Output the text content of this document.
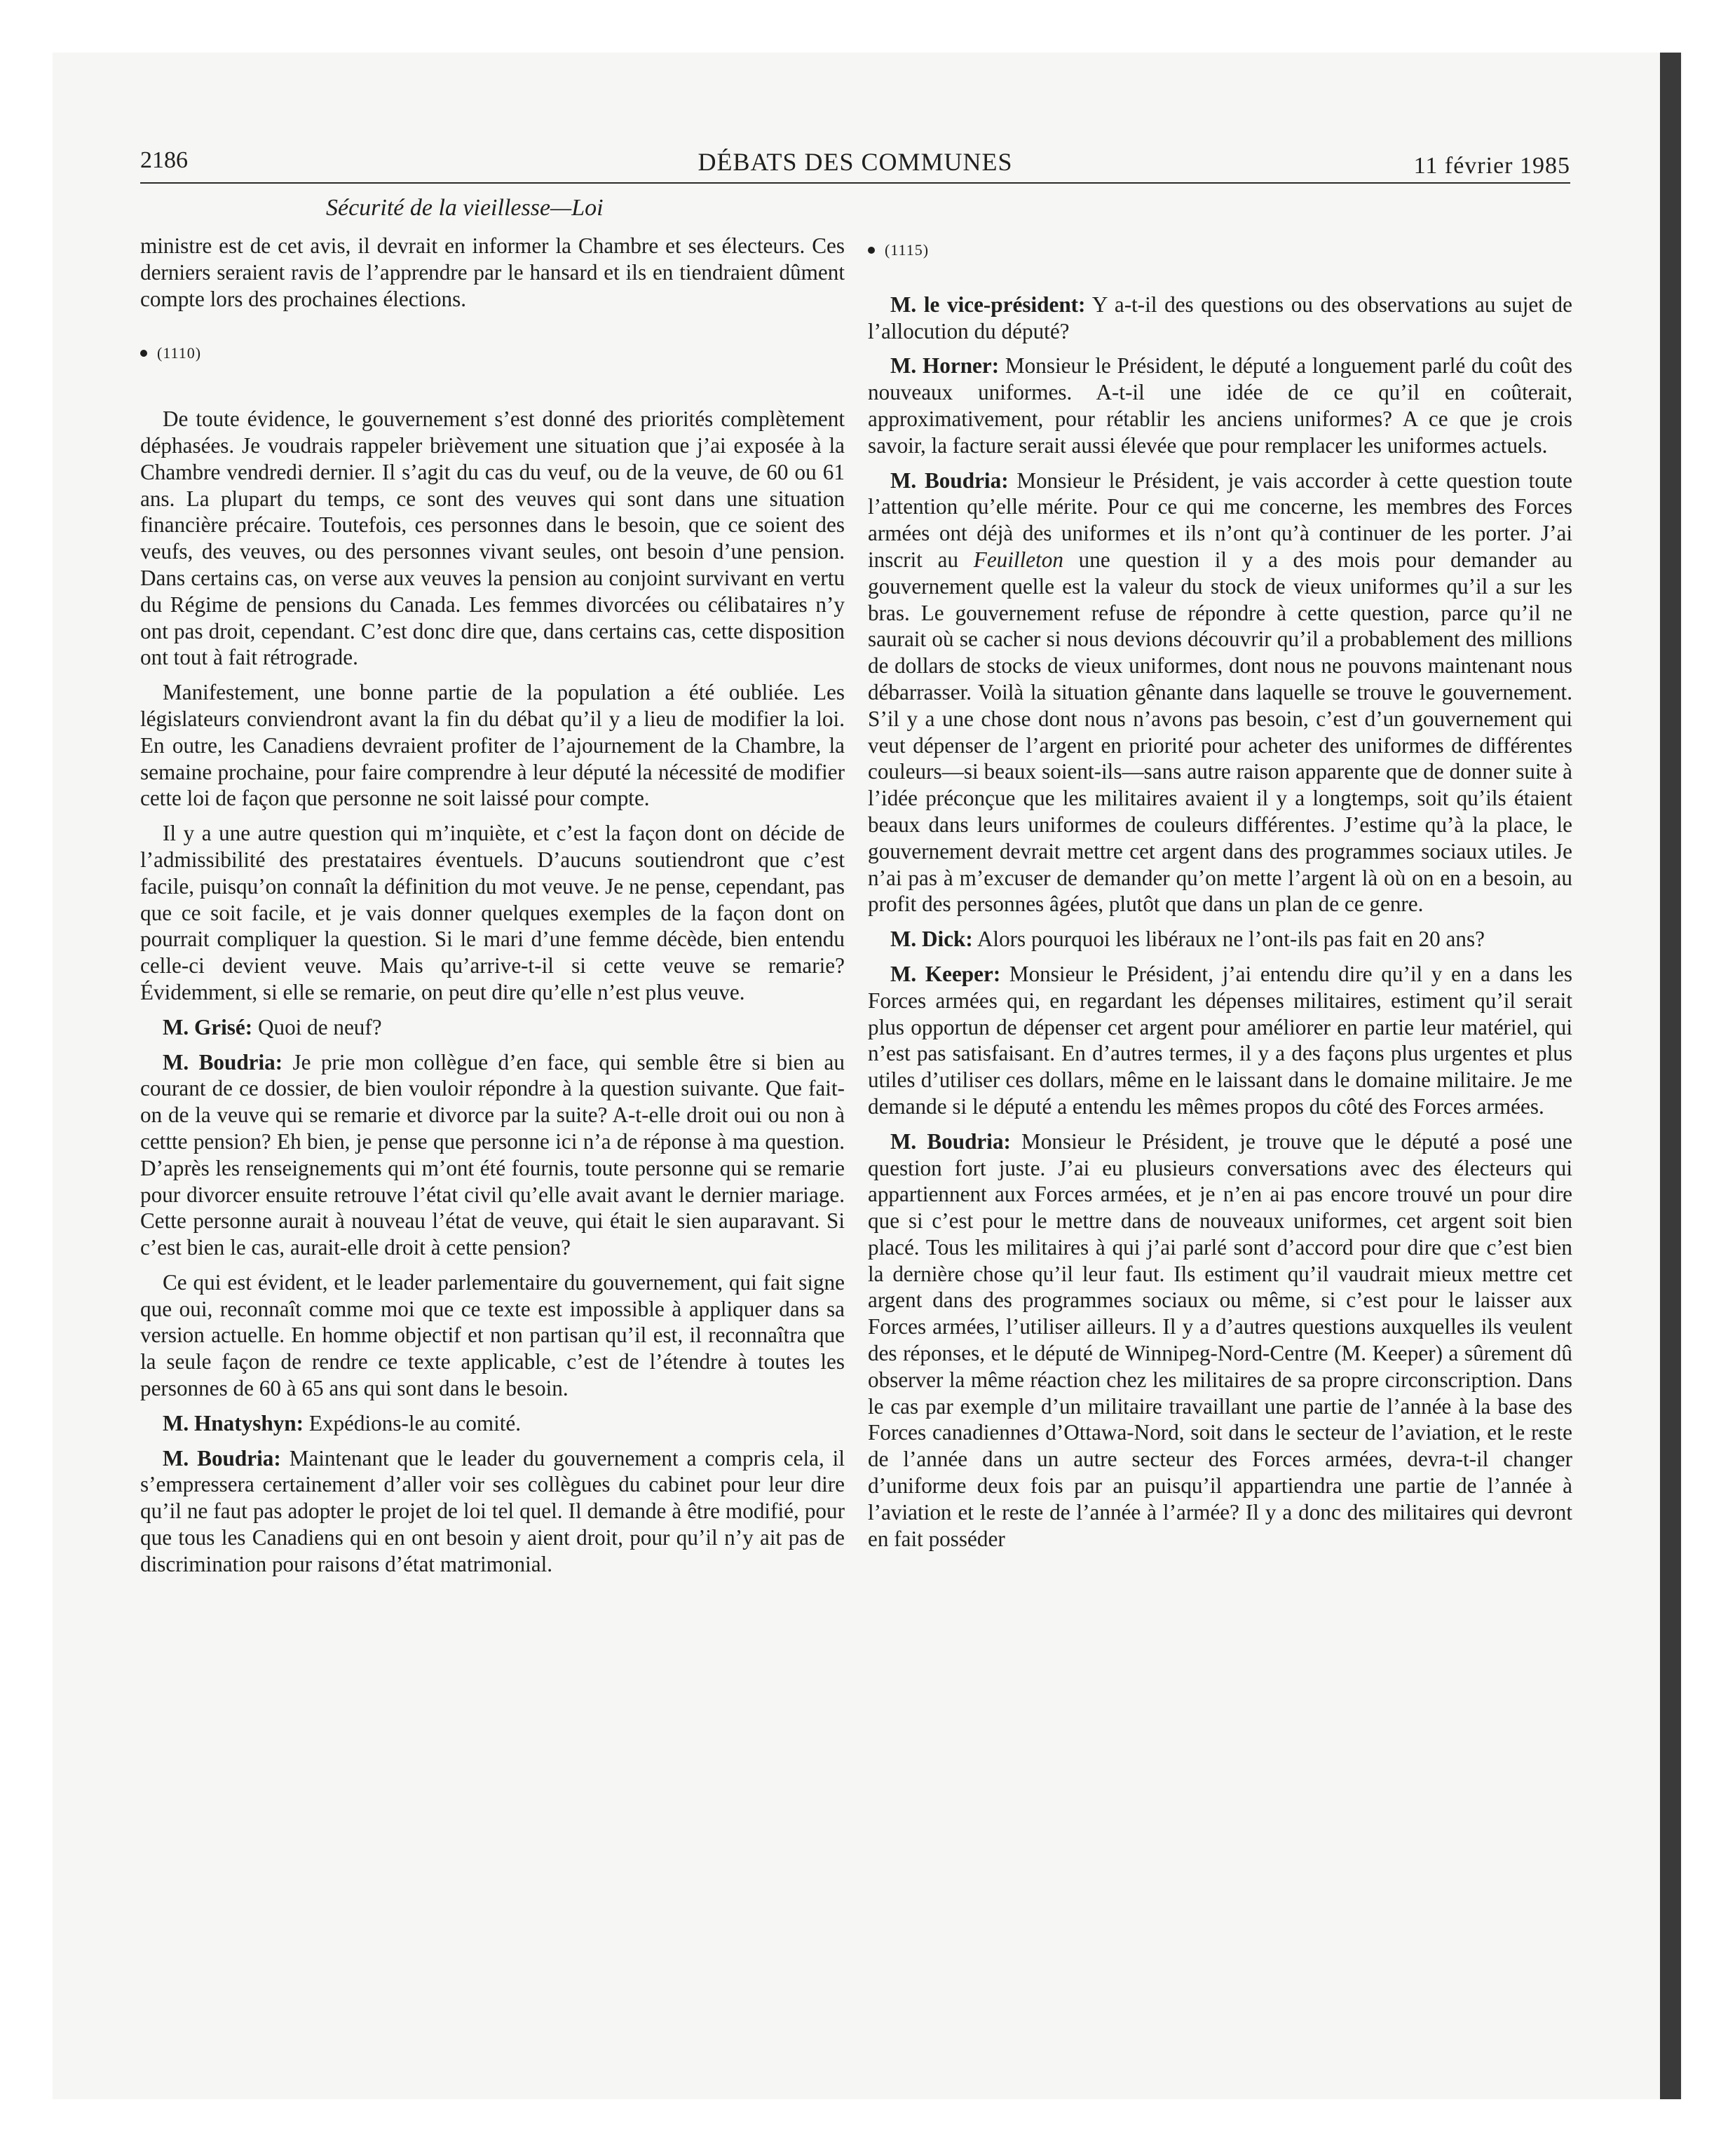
2186	DÉBATS DES COMMUNES	11 février 1985
Sécurité de la vieillesse—Loi

ministre est de cet avis, il devrait en informer la Chambre et ses électeurs. Ces derniers seraient ravis de l’apprendre par le hansard et ils en tiendraient dûment compte lors des prochaines élections.

(1110)

De toute évidence, le gouvernement s’est donné des priorités complètement déphasées. Je voudrais rappeler brièvement une situation que j’ai exposée à la Chambre vendredi dernier. Il s’agit du cas du veuf, ou de la veuve, de 60 ou 61 ans. La plupart du temps, ce sont des veuves qui sont dans une situation financière précaire. Toutefois, ces personnes dans le besoin, que ce soient des veufs, des veuves, ou des personnes vivant seules, ont besoin d’une pension. Dans certains cas, on verse aux veuves la pension au conjoint survivant en vertu du Régime de pensions du Canada. Les femmes divorcées ou célibataires n’y ont pas droit, cependant. C’est donc dire que, dans certains cas, cette disposition ont tout à fait rétrograde.

Manifestement, une bonne partie de la population a été oubliée. Les législateurs conviendront avant la fin du débat qu’il y a lieu de modifier la loi. En outre, les Canadiens devraient profiter de l’ajournement de la Chambre, la semaine prochaine, pour faire comprendre à leur député la nécessité de modifier cette loi de façon que personne ne soit laissé pour compte.

Il y a une autre question qui m’inquiète, et c’est la façon dont on décide de l’admissibilité des prestataires éventuels. D’aucuns soutiendront que c’est facile, puisqu’on connaît la définition du mot veuve. Je ne pense, cependant, pas que ce soit facile, et je vais donner quelques exemples de la façon dont on pourrait compliquer la question. Si le mari d’une femme décède, bien entendu celle-ci devient veuve. Mais qu’arrive-t-il si cette veuve se remarie? Évidemment, si elle se remarie, on peut dire qu’elle n’est plus veuve.

M. Grisé: Quoi de neuf?

M. Boudria: Je prie mon collègue d’en face, qui semble être si bien au courant de ce dossier, de bien vouloir répondre à la question suivante. Que fait-on de la veuve qui se remarie et divorce par la suite? A-t-elle droit oui ou non à cettte pension? Eh bien, je pense que personne ici n’a de réponse à ma question. D’après les renseignements qui m’ont été fournis, toute personne qui se remarie pour divorcer ensuite retrouve l’état civil qu’elle avait avant le dernier mariage. Cette personne aurait à nouveau l’état de veuve, qui était le sien auparavant. Si c’est bien le cas, aurait-elle droit à cette pension?

Ce qui est évident, et le leader parlementaire du gouvernement, qui fait signe que oui, reconnaît comme moi que ce texte est impossible à appliquer dans sa version actuelle. En homme objectif et non partisan qu’il est, il reconnaîtra que la seule façon de rendre ce texte applicable, c’est de l’étendre à toutes les personnes de 60 à 65 ans qui sont dans le besoin.

M. Hnatyshyn: Expédions-le au comité.

M. Boudria: Maintenant que le leader du gouvernement a compris cela, il s’empressera certainement d’aller voir ses collègues du cabinet pour leur dire qu’il ne faut pas adopter le projet de loi tel quel. Il demande à être modifié, pour que tous les Canadiens qui en ont besoin y aient droit, pour qu’il n’y ait pas de discrimination pour raisons d’état matrimonial.

(1115)

M. le vice-président: Y a-t-il des questions ou des observations au sujet de l’allocution du député?

M. Horner: Monsieur le Président, le député a longuement parlé du coût des nouveaux uniformes. A-t-il une idée de ce qu’il en coûterait, approximativement, pour rétablir les anciens uniformes? A ce que je crois savoir, la facture serait aussi élevée que pour remplacer les uniformes actuels.

M. Boudria: Monsieur le Président, je vais accorder à cette question toute l’attention qu’elle mérite. Pour ce qui me concerne, les membres des Forces armées ont déjà des uniformes et ils n’ont qu’à continuer de les porter. J’ai inscrit au Feuilleton une question il y a des mois pour demander au gouvernement quelle est la valeur du stock de vieux uniformes qu’il a sur les bras. Le gouvernement refuse de répondre à cette question, parce qu’il ne saurait où se cacher si nous devions découvrir qu’il a probablement des millions de dollars de stocks de vieux uniformes, dont nous ne pouvons maintenant nous débarrasser. Voilà la situation gênante dans laquelle se trouve le gouvernement. S’il y a une chose dont nous n’avons pas besoin, c’est d’un gouvernement qui veut dépenser de l’argent en priorité pour acheter des uniformes de différentes couleurs—si beaux soient-ils—sans autre raison apparente que de donner suite à l’idée préconçue que les militaires avaient il y a longtemps, soit qu’ils étaient beaux dans leurs uniformes de couleurs différentes. J’estime qu’à la place, le gouvernement devrait mettre cet argent dans des programmes sociaux utiles. Je n’ai pas à m’excuser de demander qu’on mette l’argent là où on en a besoin, au profit des personnes âgées, plutôt que dans un plan de ce genre.

M. Dick: Alors pourquoi les libéraux ne l’ont-ils pas fait en 20 ans?

M. Keeper: Monsieur le Président, j’ai entendu dire qu’il y en a dans les Forces armées qui, en regardant les dépenses militaires, estiment qu’il serait plus opportun de dépenser cet argent pour améliorer en partie leur matériel, qui n’est pas satisfaisant. En d’autres termes, il y a des façons plus urgentes et plus utiles d’utiliser ces dollars, même en le laissant dans le domaine militaire. Je me demande si le député a entendu les mêmes propos du côté des Forces armées.

M. Boudria: Monsieur le Président, je trouve que le député a posé une question fort juste. J’ai eu plusieurs conversations avec des électeurs qui appartiennent aux Forces armées, et je n’en ai pas encore trouvé un pour dire que si c’est pour le mettre dans de nouveaux uniformes, cet argent soit bien placé. Tous les militaires à qui j’ai parlé sont d’accord pour dire que c’est bien la dernière chose qu’il leur faut. Ils estiment qu’il vaudrait mieux mettre cet argent dans des programmes sociaux ou même, si c’est pour le laisser aux Forces armées, l’utiliser ailleurs. Il y a d’autres questions auxquelles ils veulent des réponses, et le député de Winnipeg-Nord-Centre (M. Keeper) a sûrement dû observer la même réaction chez les militaires de sa propre circonscription. Dans le cas par exemple d’un militaire travaillant une partie de l’année à la base des Forces canadiennes d’Ottawa-Nord, soit dans le secteur de l’aviation, et le reste de l’année dans un autre secteur des Forces armées, devra-t-il changer d’uniforme deux fois par an puisqu’il appartiendra une partie de l’année à l’aviation et le reste de l’année à l’armée? Il y a donc des militaires qui devront en fait posséder
